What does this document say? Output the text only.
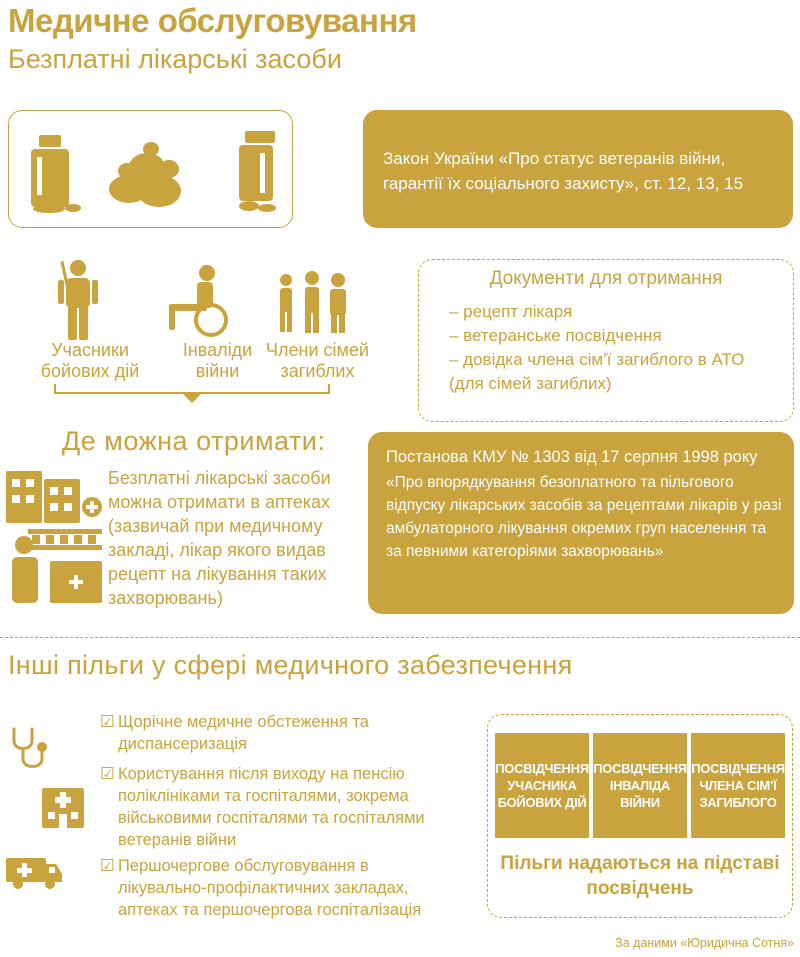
Медичне обслуговування
Безплатні лікарські засоби
Закон України «Про статус ветеранів війни, гарантії їх соціального захисту», ст. 12, 13, 15
Учасники бойових дій
Інваліди війни
Члени сімей загиблих
Документи для отримання
– рецепт лікаря
– ветеранське посвідчення
– довідка члена сім’ї загиблого в АТО
(для сімей загиблих)
Де можна отримати:
Безплатні лікарські засоби можна отримати в аптеках (зазвичай при медичному закладі, лікар якого видав рецепт на лікування таких захворювань)
Постанова КМУ № 1303 від 17 серпня 1998 року
«Про впорядкування безоплатного та пільгового відпуску лікарських засобів за рецептами лікарів у разі амбулаторного лікування окремих груп населення та за певними категоріями захворювань»
Інші пільги у сфері медичного забезпечення
☑ Щорічне медичне обстеження та диспансеризація
☑ Користування після виходу на пенсію поліклініками та госпіталями, зокрема військовими госпіталями та госпіталями ветеранів війни
☑ Першочергове обслуговування в лікувально-профілактичних закладах, аптеках та першочергова госпіталізація
ПОСВІДЧЕННЯ УЧАСНИКА БОЙОВИХ ДІЙ
ПОСВІДЧЕННЯ ІНВАЛІДА ВІЙНИ
ПОСВІДЧЕННЯ ЧЛЕНА СІМ’Ї ЗАГИБЛОГО
Пільги надаються на підставі посвідчень
За даними «Юридична Сотня»
